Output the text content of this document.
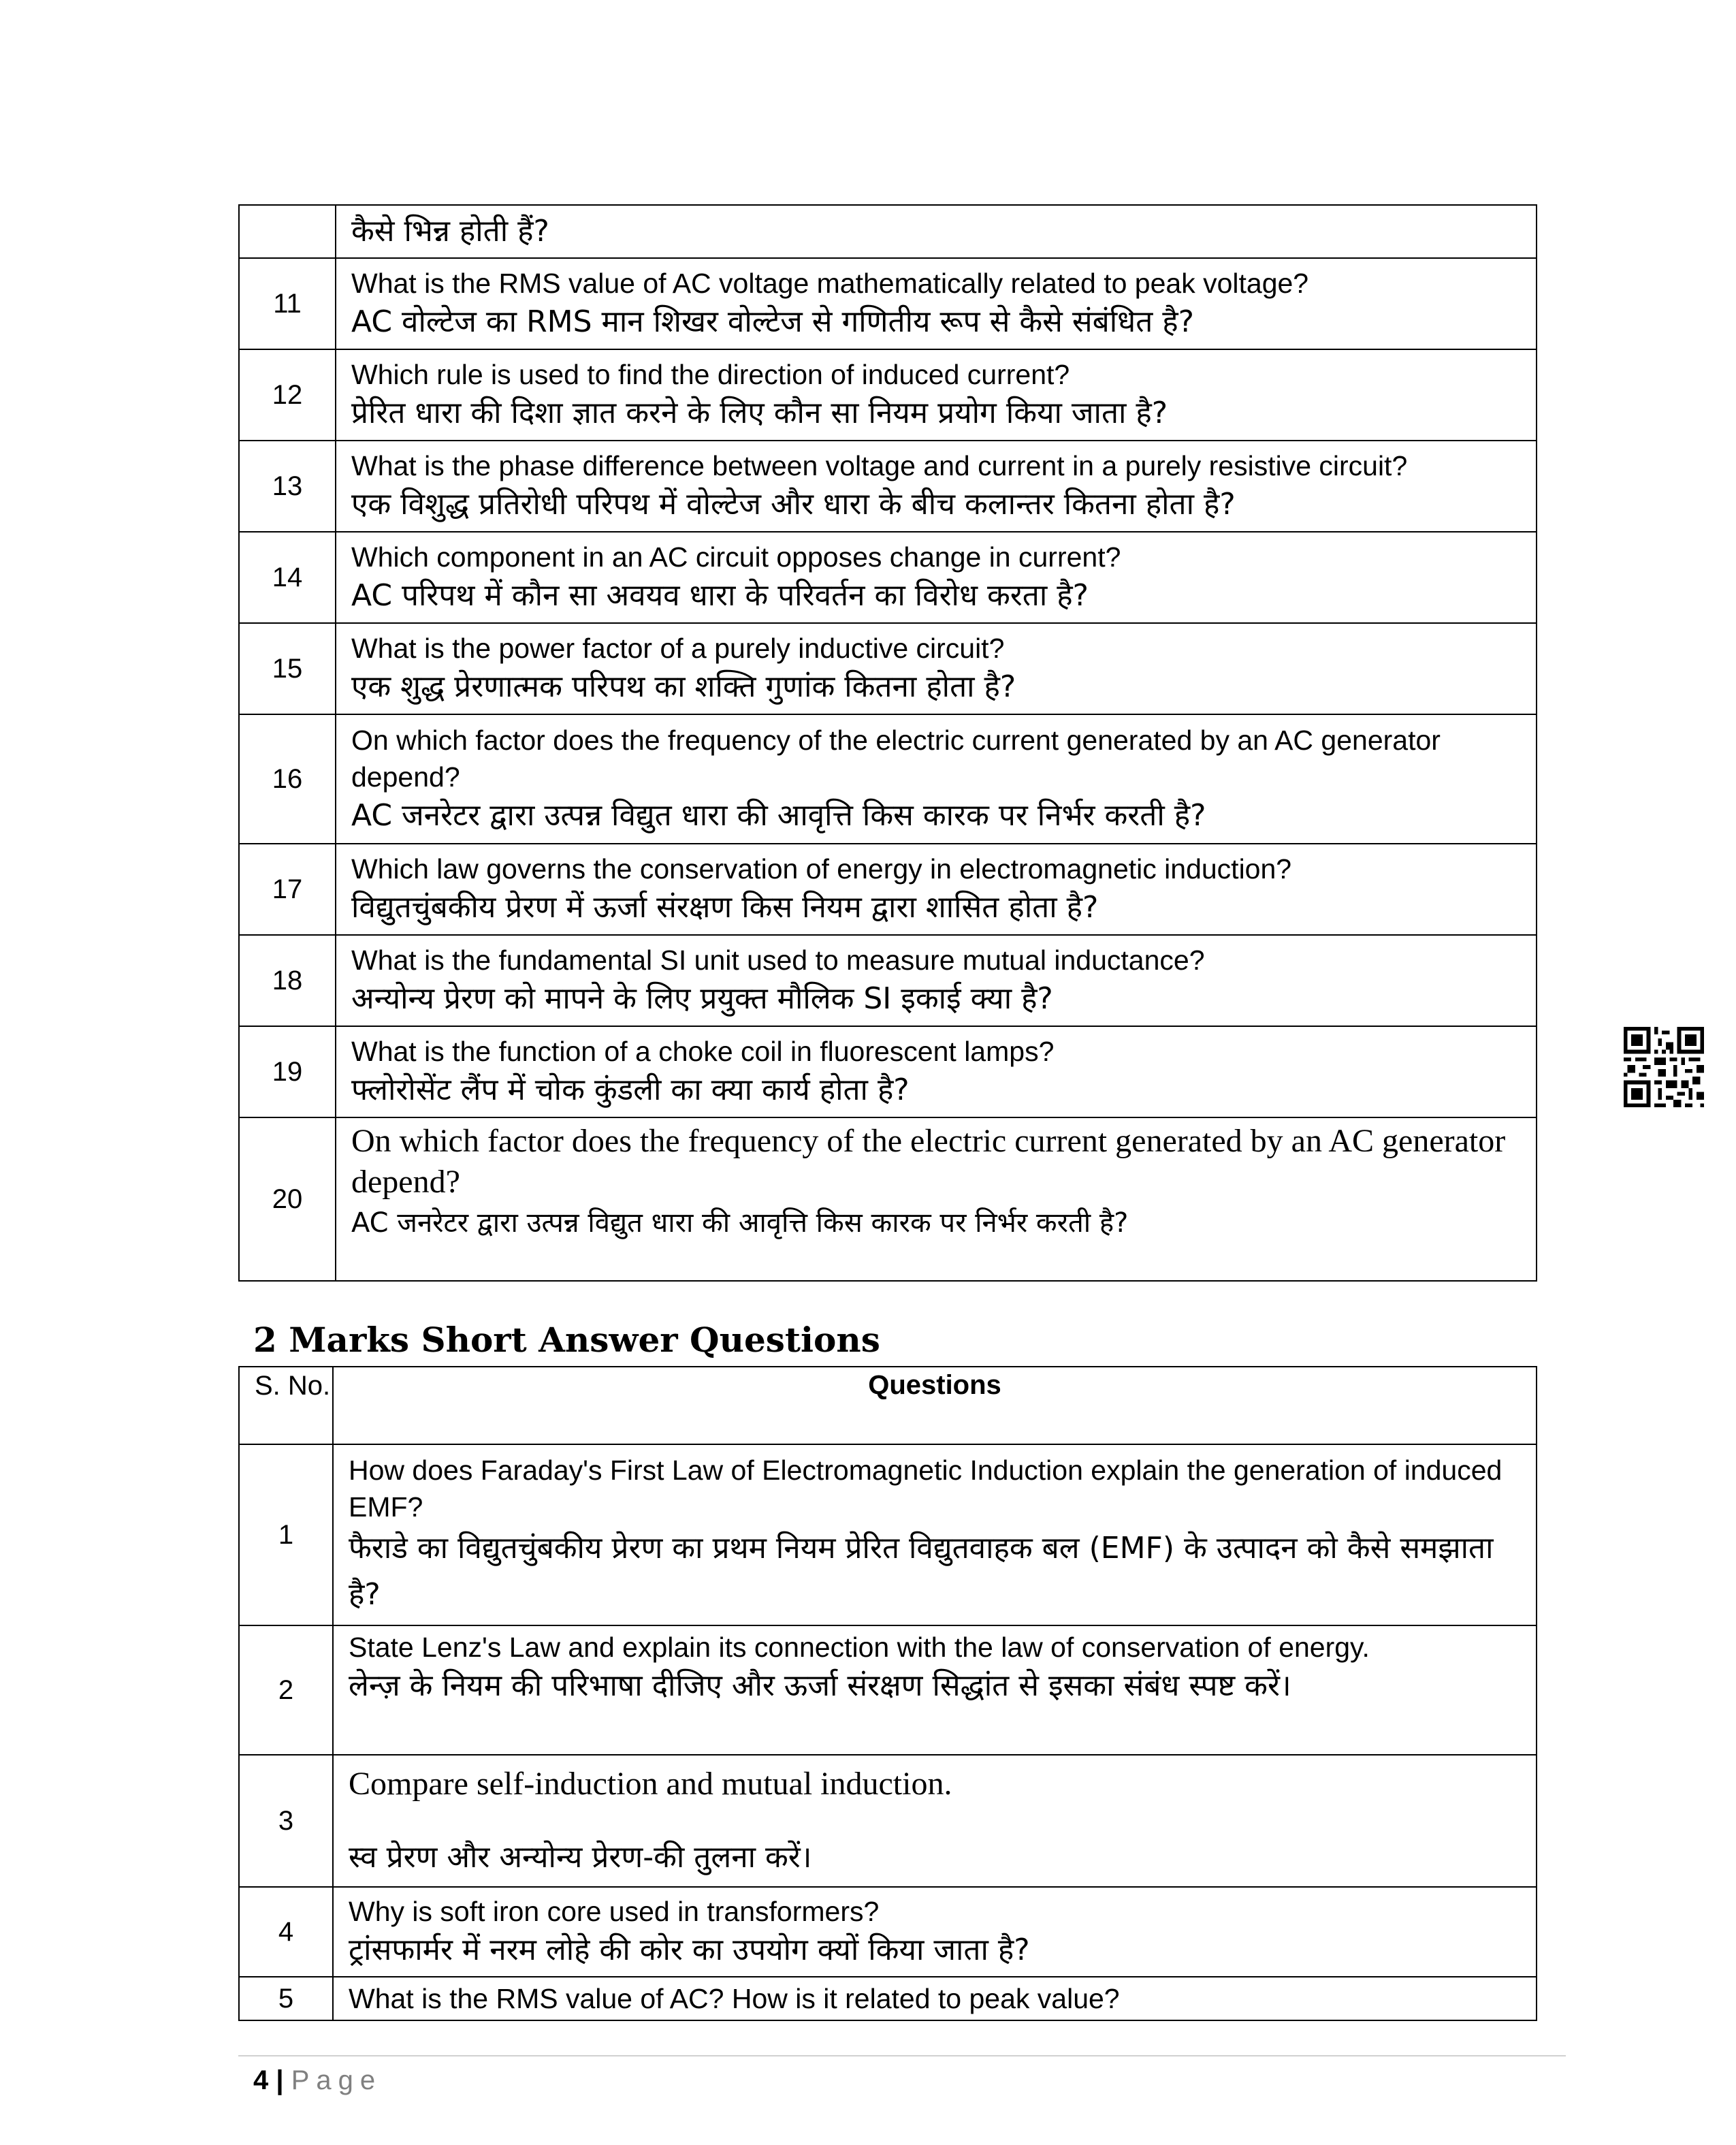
	कैसे भिन्न होती हैं?

11	What is the RMS value of AC voltage mathematically related to peak voltage?
AC वोल्टेज का RMS मान शिखर वोल्टेज से गणितीय रूप से कैसे संबंधित है?

12	Which rule is used to find the direction of induced current?
प्रेरित धारा की दिशा ज्ञात करने के लिए कौन सा नियम प्रयोग किया जाता है?

13	What is the phase difference between voltage and current in a purely resistive circuit?
एक विशुद्ध प्रतिरोधी परिपथ में वोल्टेज और धारा के बीच कलान्तर कितना होता है?

14	Which component in an AC circuit opposes change in current?
AC परिपथ में कौन सा अवयव धारा के परिवर्तन का विरोध करता है?

15	What is the power factor of a purely inductive circuit?
एक शुद्ध प्रेरणात्मक परिपथ का शक्ति गुणांक कितना होता है?

16	On which factor does the frequency of the electric current generated by an AC generator depend?
AC जनरेटर द्वारा उत्पन्न विद्युत धारा की आवृत्ति किस कारक पर निर्भर करती है?

17	Which law governs the conservation of energy in electromagnetic induction?
विद्युतचुंबकीय प्रेरण में ऊर्जा संरक्षण किस नियम द्वारा शासित होता है?

18	What is the fundamental SI unit used to measure mutual inductance?
अन्योन्य प्रेरण को मापने के लिए प्रयुक्त मौलिक SI इकाई क्या है?

19	What is the function of a choke coil in fluorescent lamps?
फ्लोरोसेंट लैंप में चोक कुंडली का क्या कार्य होता है?

20	On which factor does the frequency of the electric current generated by an AC generator depend?
AC जनरेटर द्वारा उत्पन्न विद्युत धारा की आवृत्ति किस कारक पर निर्भर करती है?
2 Marks Short Answer Questions
S. No.	Questions

1	How does Faraday's First Law of Electromagnetic Induction explain the generation of induced EMF?
फैराडे का विद्युतचुंबकीय प्रेरण का प्रथम नियम प्रेरित विद्युतवाहक बल (EMF) के उत्पादन को कैसे समझाता है?

2	State Lenz's Law and explain its connection with the law of conservation of energy.
लेन्ज़ के नियम की परिभाषा दीजिए और ऊर्जा संरक्षण सिद्धांत से इसका संबंध स्पष्ट करें।

3	Compare self-induction and mutual induction.
स्व प्रेरण और अन्योन्य प्रेरण-की तुलना करें।

4	Why is soft iron core used in transformers?
ट्रांसफार्मर में नरम लोहे की कोर का उपयोग क्यों किया जाता है?

5	What is the RMS value of AC? How is it related to peak value?
4 | Page
